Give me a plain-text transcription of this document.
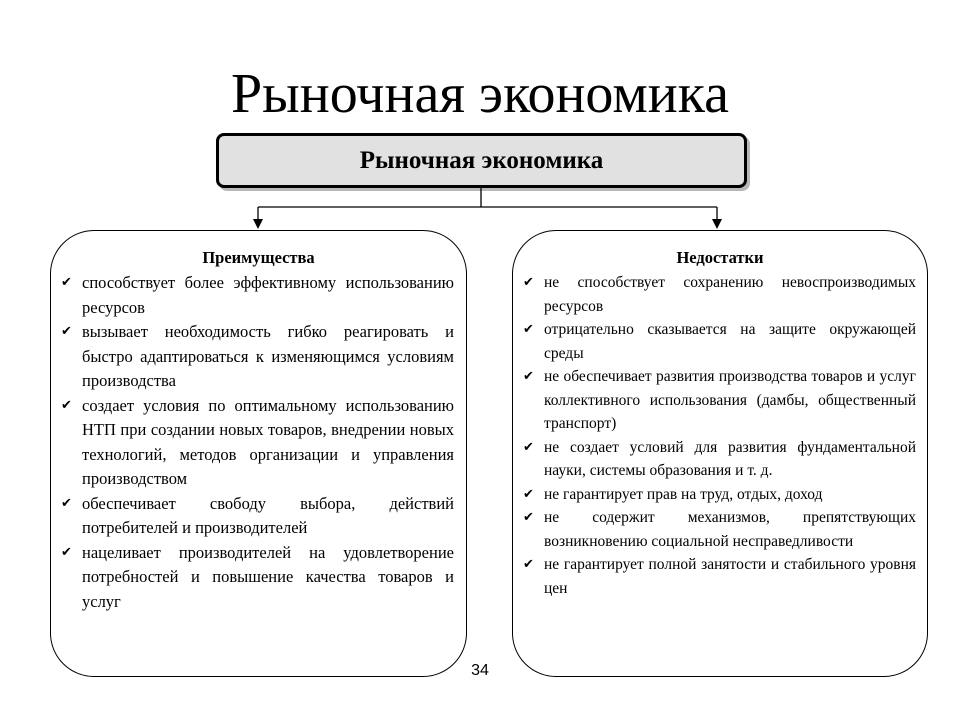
Рыночная экономика
Рыночная экономика
Преимущества
✔ способствует более эффективному использованию ресурсов
✔ вызывает необходимость гибко реагировать и быстро адаптироваться к изменяющимся условиям производства
✔ создает условия по оптимальному использованию НТП при создании новых товаров, внедрении новых технологий, методов организации и управления производством
✔ обеспечивает свободу выбора, действий потребителей и производителей
✔ нацеливает производителей на удовлетворение потребностей и повышение качества товаров и услуг
Недостатки
✔ не способствует сохранению невоспроизводимых ресурсов
✔ отрицательно сказывается на защите окружающей среды
✔ не обеспечивает развития производства товаров и услуг коллективного использования (дамбы, общественный транспорт)
✔ не создает условий для развития фундаментальной науки, системы образования и т. д.
✔ не гарантирует прав на труд, отдых, доход
✔ не содержит механизмов, препятствующих возникновению социальной несправедливости
✔ не гарантирует полной занятости и стабильного уровня цен
34
